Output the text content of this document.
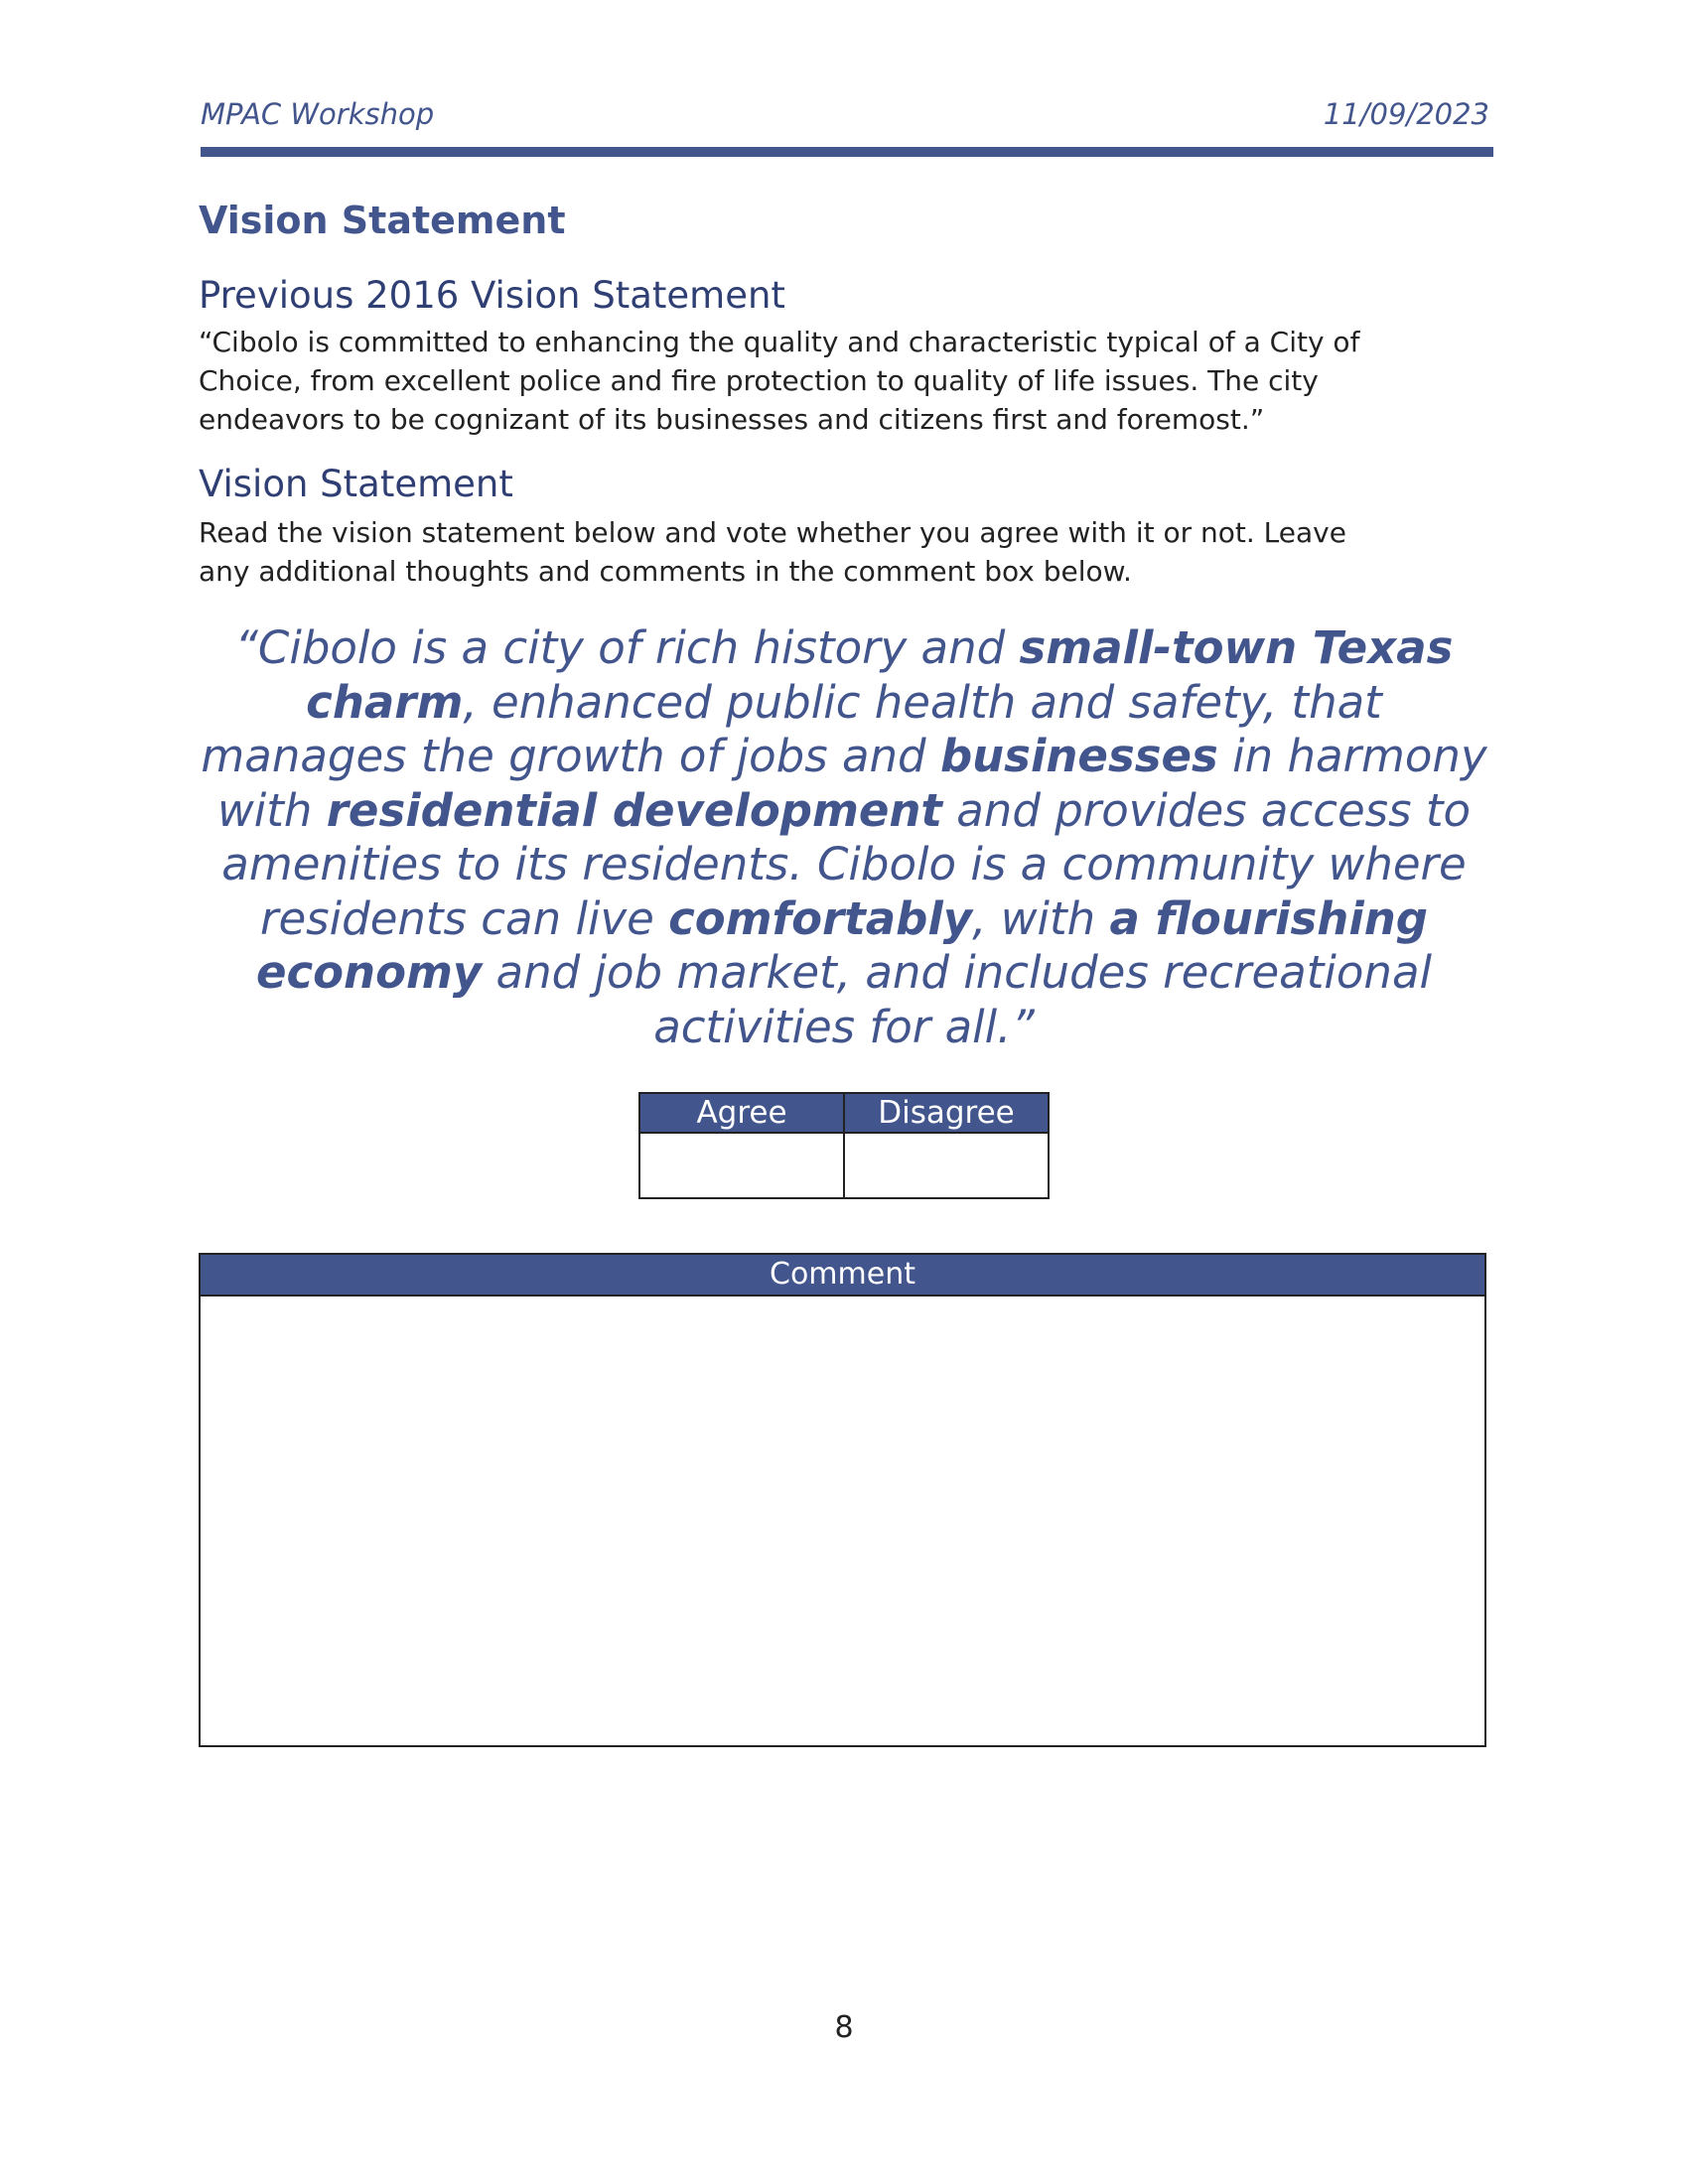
MPAC Workshop	11/09/2023
Vision Statement
Previous 2016 Vision Statement
“Cibolo is committed to enhancing the quality and characteristic typical of a City of
Choice, from excellent police and fire protection to quality of life issues. The city
endeavors to be cognizant of its businesses and citizens first and foremost.”
Vision Statement
Read the vision statement below and vote whether you agree with it or not. Leave
any additional thoughts and comments in the comment box below.
“Cibolo is a city of rich history and small-town Texas charm, enhanced public health and safety, that manages the growth of jobs and businesses in harmony with residential development and provides access to amenities to its residents. Cibolo is a community where residents can live comfortably, with a flourishing economy and job market, and includes recreational activities for all.”
Agree	Disagree

Comment
8
